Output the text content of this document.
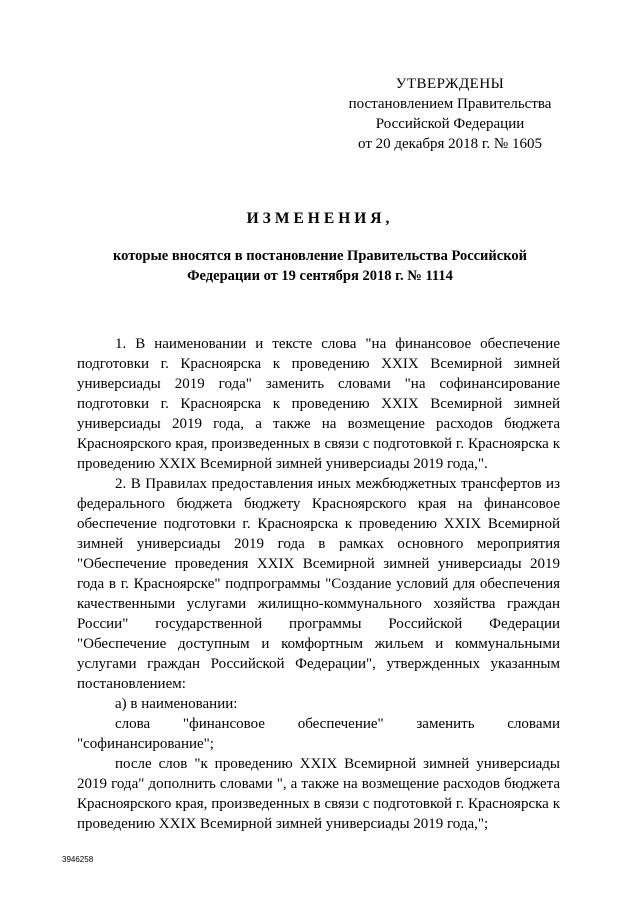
УТВЕРЖДЕНЫ
постановлением Правительства
Российской Федерации
от 20 декабря 2018 г. № 1605
ИЗМЕНЕНИЯ,
которые вносятся в постановление Правительства Российской
Федерации от 19 сентября 2018 г. № 1114

1. В наименовании и тексте слова "на финансовое обеспечение подготовки г. Красноярска к проведению XXIX Всемирной зимней универсиады 2019 года" заменить словами "на софинансирование подготовки г. Красноярска к проведению XXIX Всемирной зимней универсиады 2019 года, а также на возмещение расходов бюджета Красноярского края, произведенных в связи с подготовкой г. Красноярска к проведению XXIX Всемирной зимней универсиады 2019 года,".

2. В Правилах предоставления иных межбюджетных трансфертов из федерального бюджета бюджету Красноярского края на финансовое обеспечение подготовки г. Красноярска к проведению XXIX Всемирной зимней универсиады 2019 года в рамках основного мероприятия "Обеспечение проведения XXIX Всемирной зимней универсиады 2019 года в г. Красноярске" подпрограммы "Создание условий для обеспечения качественными услугами жилищно-коммунального хозяйства граждан России" государственной программы Российской Федерации "Обеспечение доступным и комфортным жильем и коммунальными услугами граждан Российской Федерации", утвержденных указанным постановлением:

а) в наименовании:

слова "финансовое обеспечение" заменить словами

"софинансирование";

после слов "к проведению XXIX Всемирной зимней универсиады 2019 года" дополнить словами ", а также на возмещение расходов бюджета Красноярского края, произведенных в связи с подготовкой г. Красноярска к проведению XXIX Всемирной зимней универсиады 2019 года,";

3946258
